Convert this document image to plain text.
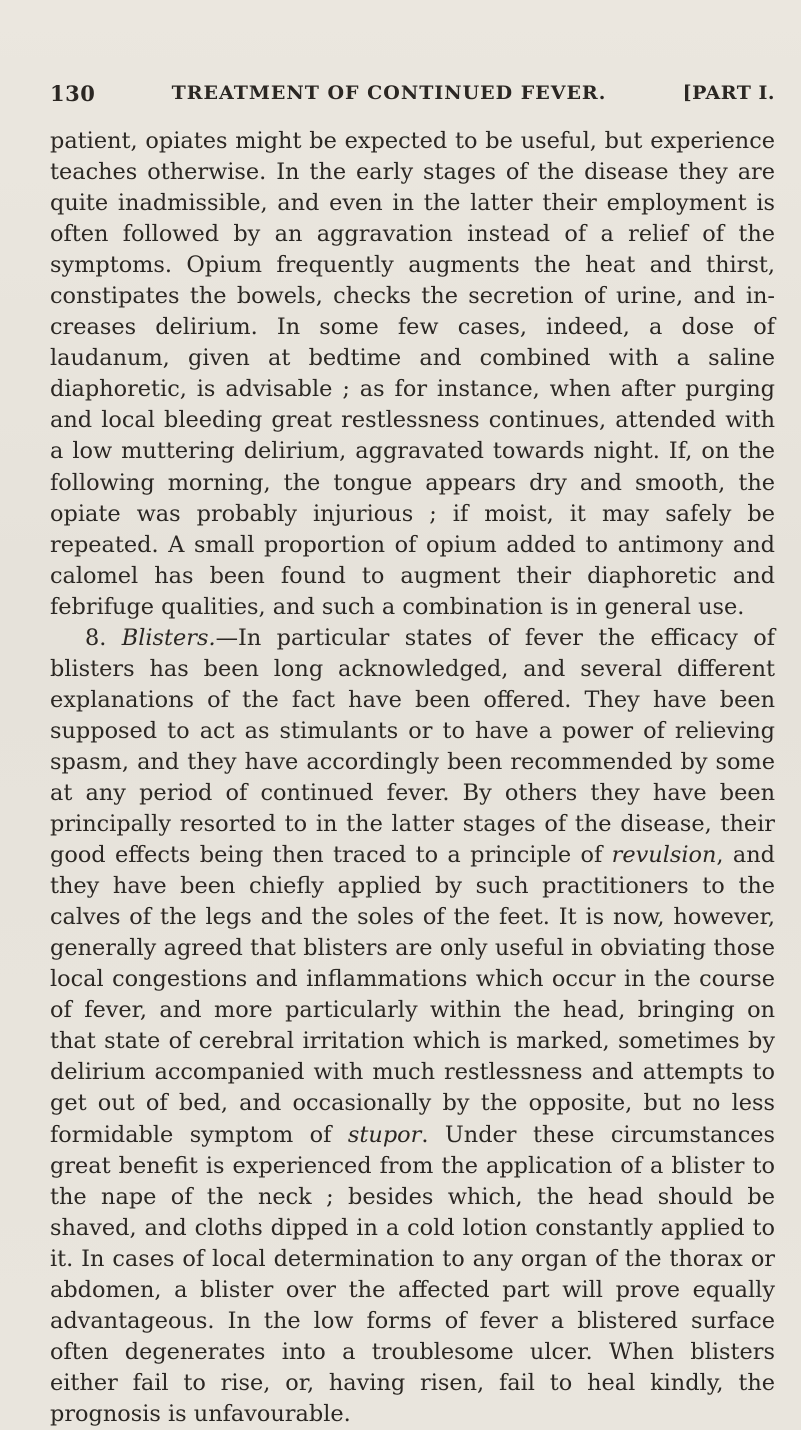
130	TREATMENT OF CONTINUED FEVER.	[PART I.

patient, opiates might be expected to be useful, but experience teaches otherwise. In the early stages of the disease they are quite inadmissible, and even in the latter their employment is often followed by an aggravation instead of a relief of the symptoms. Opium frequently augments the heat and thirst, constipates the bowels, checks the secretion of urine, and increases delirium. In some few cases, indeed, a dose of laudanum, given at bedtime and combined with a saline diaphoretic, is advisable ; as for instance, when after purging and local bleeding great restlessness continues, attended with a low muttering delirium, aggravated towards night. If, on the following morning, the tongue appears dry and smooth, the opiate was probably injurious ; if moist, it may safely be repeated. A small proportion of opium added to antimony and calomel has been found to augment their diaphoretic and febrifuge qualities, and such a combination is in general use.

8. Blisters.—In particular states of fever the efficacy of blisters has been long acknowledged, and several different explanations of the fact have been offered. They have been supposed to act as stimulants or to have a power of relieving spasm, and they have accordingly been recommended by some at any period of continued fever. By others they have been principally resorted to in the latter stages of the disease, their good effects being then traced to a principle of revulsion, and they have been chiefly applied by such practitioners to the calves of the legs and the soles of the feet. It is now, however, generally agreed that blisters are only useful in obviating those local congestions and inflammations which occur in the course of fever, and more particularly within the head, bringing on that state of cerebral irritation which is marked, sometimes by delirium accompanied with much restlessness and attempts to get out of bed, and occasionally by the opposite, but no less formidable symptom of stupor. Under these circumstances great benefit is experienced from the application of a blister to the nape of the neck ; besides which, the head should be shaved, and cloths dipped in a cold lotion constantly applied to it. In cases of local determination to any organ of the thorax or abdomen, a blister over the affected part will prove equally advantageous. In the low forms of fever a blistered surface often degenerates into a troublesome ulcer. When blisters either fail to rise, or, having risen, fail to heal kindly, the prognosis is unfavourable.
